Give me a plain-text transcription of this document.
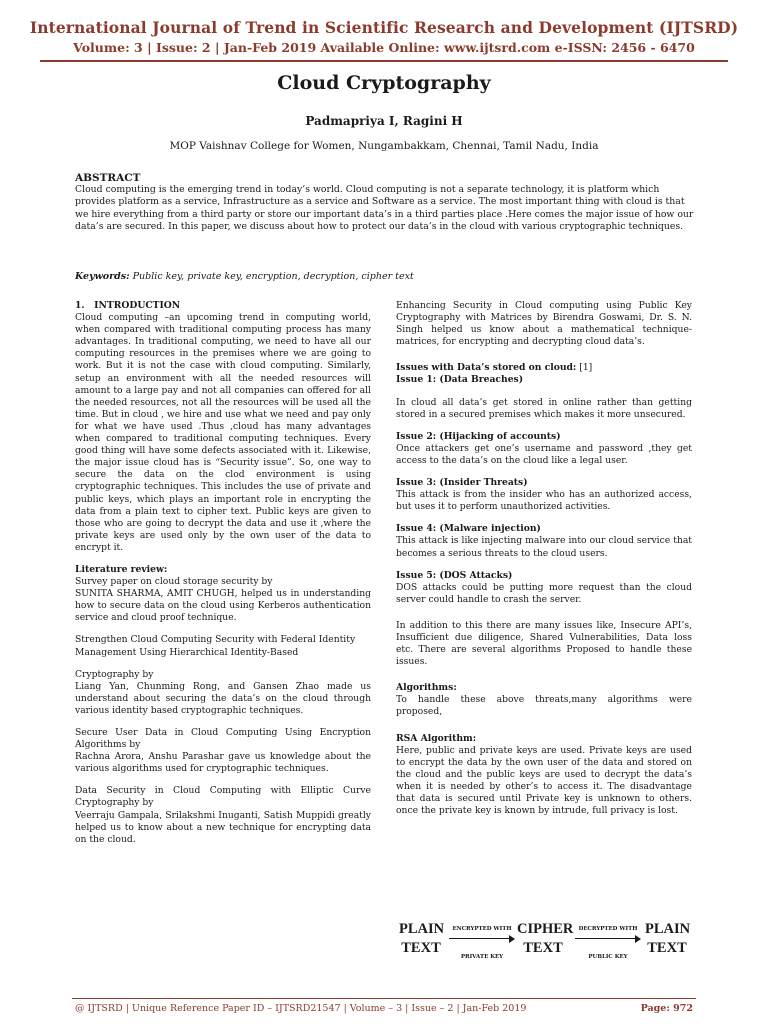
International Journal of Trend in Scientific Research and Development (IJTSRD)
Volume: 3 | Issue: 2 | Jan-Feb 2019 Available Online: www.ijtsrd.com e-ISSN: 2456 - 6470
Cloud Cryptography
Padmapriya I, Ragini H
MOP Vaishnav College for Women, Nungambakkam, Chennai, Tamil Nadu, India
ABSTRACT
Cloud computing is the emerging trend in today’s world. Cloud computing is not a separate technology, it is platform which provides platform as a service, Infrastructure as a service and Software as a service. The most important thing with cloud is that we hire everything from a third party or store our important data’s in a third parties place .Here comes the major issue of how our data’s are secured. In this paper, we discuss about how to protect our data’s in the cloud with various cryptographic techniques.
Keywords: Public key, private key, encryption, decryption, cipher text

1.   INTRODUCTION

Cloud computing –an upcoming trend in computing world, when compared with traditional computing process has many advantages. In traditional computing, we need to have all our computing resources in the premises where we are going to work. But it is not the case with cloud computing. Similarly, setup an environment with all the needed resources will amount to a large pay and not all companies can offered for all the needed resources, not all the resources will be used all the time. But in cloud , we hire and use what we need and pay only for what we have used .Thus ,cloud has many advantages when compared to traditional computing techniques. Every good thing will have some defects associated with it. Likewise, the major issue cloud has is “Security issue”. So, one way to secure the data on the clod environment is using cryptographic techniques. This includes the use of private and public keys, which plays an important role in encrypting the data from a plain text to cipher text. Public keys are given to those who are going to decrypt the data and use it ,where the private keys are used only by the own user of the data to encrypt it.

Literature review:

Survey paper on cloud storage security by

SUNITA SHARMA, AMIT CHUGH, helped us in understanding how to secure data on the cloud using Kerberos authentication service and cloud proof technique.

Strengthen Cloud Computing Security with Federal Identity Management Using Hierarchical Identity-Based

Cryptography by

Liang Yan, Chunming Rong, and Gansen Zhao made us understand about securing the data’s on the cloud through various identity based cryptographic techniques.

Secure User Data in Cloud Computing Using Encryption Algorithms by

Rachna Arora, Anshu Parashar gave us knowledge about the various algorithms used for cryptographic techniques.

Data Security in Cloud Computing with Elliptic Curve Cryptography by

Veerraju Gampala, Srilakshmi Inuganti, Satish Muppidi greatly helped us to know about a new technique for encrypting data on the cloud.

Enhancing Security in Cloud computing using Public Key Cryptography with Matrices by Birendra Goswami, Dr. S. N. Singh helped us know about a mathematical technique-matrices, for encrypting and decrypting cloud data’s.

Issues with Data’s stored on cloud: [1]

Issue 1: (Data Breaches)

In cloud all data’s get stored in online rather than getting stored in a secured premises which makes it more unsecured.

Issue 2: (Hijacking of accounts)

Once attackers get one’s username and password ,they get access to the data’s on the cloud like a legal user.

Issue 3: (Insider Threats)

This attack is from the insider who has an authorized access, but uses it to perform unauthorized activities.

Issue 4: (Malware injection)

This attack is like injecting malware into our cloud service that becomes a serious threats to the cloud users.

Issue 5: (DOS Attacks)

DOS attacks could be putting more request than the cloud server could handle to crash the server.

In addition to this there are many issues like, Insecure API’s, Insufficient due diligence, Shared Vulnerabilities, Data loss etc. There are several algorithms Proposed to handle these issues.

Algorithms:

To handle these above threats,many algorithms were proposed,

RSA Algorithm:

Here, public and private keys are used. Private keys are used to encrypt the data by the own user of the data and stored on the cloud and the public keys are used to decrypt the data’s when it is needed by other’s to access it. The disadvantage that data is secured until Private key is unknown to others. once the private key is known by intrude, full privacy is lost.

PLAIN
TEXT
ENCRYPTED WITH
PRIVATE KEY
CIPHER
TEXT
DECRYPTED WITH
PUBLIC KEY
PLAIN
TEXT
@ IJTSRD | Unique Reference Paper ID – IJTSRD21547 | Volume – 3 | Issue – 2 | Jan-Feb 2019	Page: 972
